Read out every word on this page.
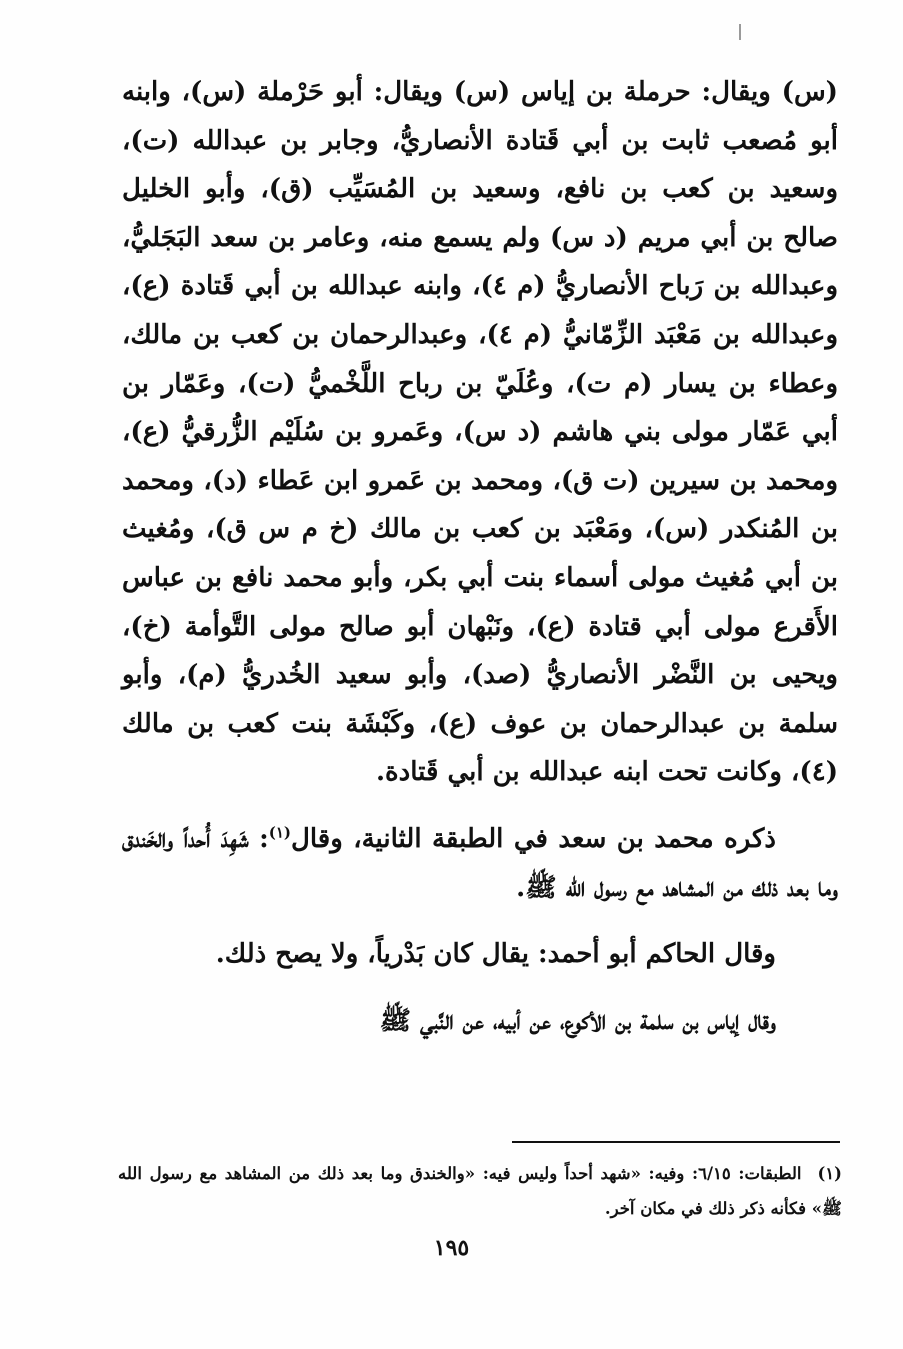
(س) ويقال: حرملة بن إياس (س) ويقال: أبو حَرْملة (س)، وابنه أبو مُصعب ثابت بن أبي قَتادة الأنصاريُّ، وجابر بن عبدالله (ت)، وسعيد بن كعب بن نافع، وسعيد بن المُسَيِّب (ق)، وأبو الخليل صالح بن أبي مريم (د س) ولم يسمع منه، وعامر بن سعد البَجَليُّ، وعبدالله بن رَباح الأنصاريُّ (م ٤)، وابنه عبدالله بن أبي قَتادة (ع)، وعبدالله بن مَعْبَد الزِّمّانيُّ (م ٤)، وعبدالرحمان بن كعب بن مالك، وعطاء بن يسار (م ت)، وعُلَيّ بن رباح اللَّخْميُّ (ت)، وعَمّار بن أبي عَمّار مولى بني هاشم (د س)، وعَمرو بن سُلَيْم الزُّرقيُّ (ع)، ومحمد بن سيرين (ت ق)، ومحمد بن عَمرو ابن عَطاء (د)، ومحمد بن المُنكدر (س)، ومَعْبَد بن كعب بن مالك (خ م س ق)، ومُغيث بن أبي مُغيث مولى أسماء بنت أبي بكر، وأبو محمد نافع بن عباس الأَقرع مولى أبي قتادة (ع)، ونَبْهان أبو صالح مولى التَّوأمة (خ)، ويحيى بن النَّضْر الأنصاريُّ (صد)، وأبو سعيد الخُدريُّ (م)، وأبو سلمة بن عبدالرحمان بن عوف (ع)، وكَبْشَة بنت كعب بن مالك (٤)، وكانت تحت ابنه عبدالله بن أبي قَتادة.

ذكره محمد بن سعد في الطبقة الثانية، وقال$^{(١)}$: شَهِدَ أُحداً والخَندق وما بعد ذلك من المشاهد مع رسول الله ﷺ.

وقال الحاكم أبو أحمد: يقال كان بَدْرياً، ولا يصح ذلك.

وقال إياس بن سلمة بن الأكوع، عن أبيه، عن النَّبي ﷺ

(١)الطبقات: ٦/١٥: وفيه: «شهد أحداً وليس فيه: «والخندق وما بعد ذلك من المشاهد مع رسول الله ﷺ» فكأنه ذكر ذلك في مكان آخر.

١٩٥
